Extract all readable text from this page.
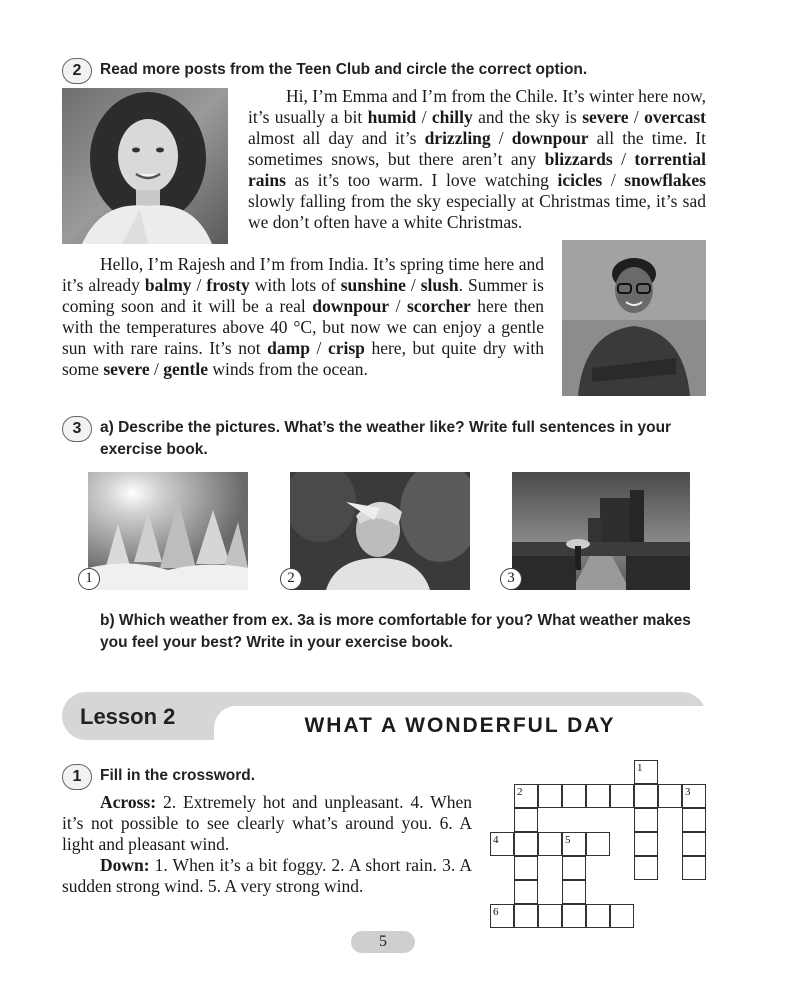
2	Read more posts from the Teen Club and circle the correct option.
Hi, I’m Emma and I’m from the Chile. It’s winter here now, it’s usually a bit humid / chilly and the sky is severe / overcast almost all day and it’s drizzling / downpour all the time. It sometimes snows, but there aren’t any blizzards / torrential rains as it’s too warm. I love watching icicles / snowflakes slowly falling from the sky especially at Christmas time, it’s sad we don’t often have a white Christmas.
Hello, I’m Rajesh and I’m from India. It’s spring time here and it’s already balmy / frosty with lots of sunshine / slush. Summer is coming soon and it will be a real downpour / scorcher here then with the temperatures above 40 °C, but now we can enjoy a gentle sun with rare rains. It’s not damp / crisp here, but quite dry with some severe / gentle winds from the ocean.
3	a) Describe the pictures. What’s the weather like? Write full sentences in your exercise book.
1	2	3
b) Which weather from ex. 3a is more comfortable for you? What weather makes you feel your best? Write in your exercise book.
Lesson 2	WHAT A WONDERFUL DAY
1	Fill in the crossword.
Across: 2. Extremely hot and unpleasant. 4. When it’s not possible to see clearly what’s around you. 6. A light and pleasant wind.
Down: 1. When it’s a bit foggy. 2. A short rain. 3. A sudden strong wind. 5. A very strong wind.
1
2	3
4	5
6
5
